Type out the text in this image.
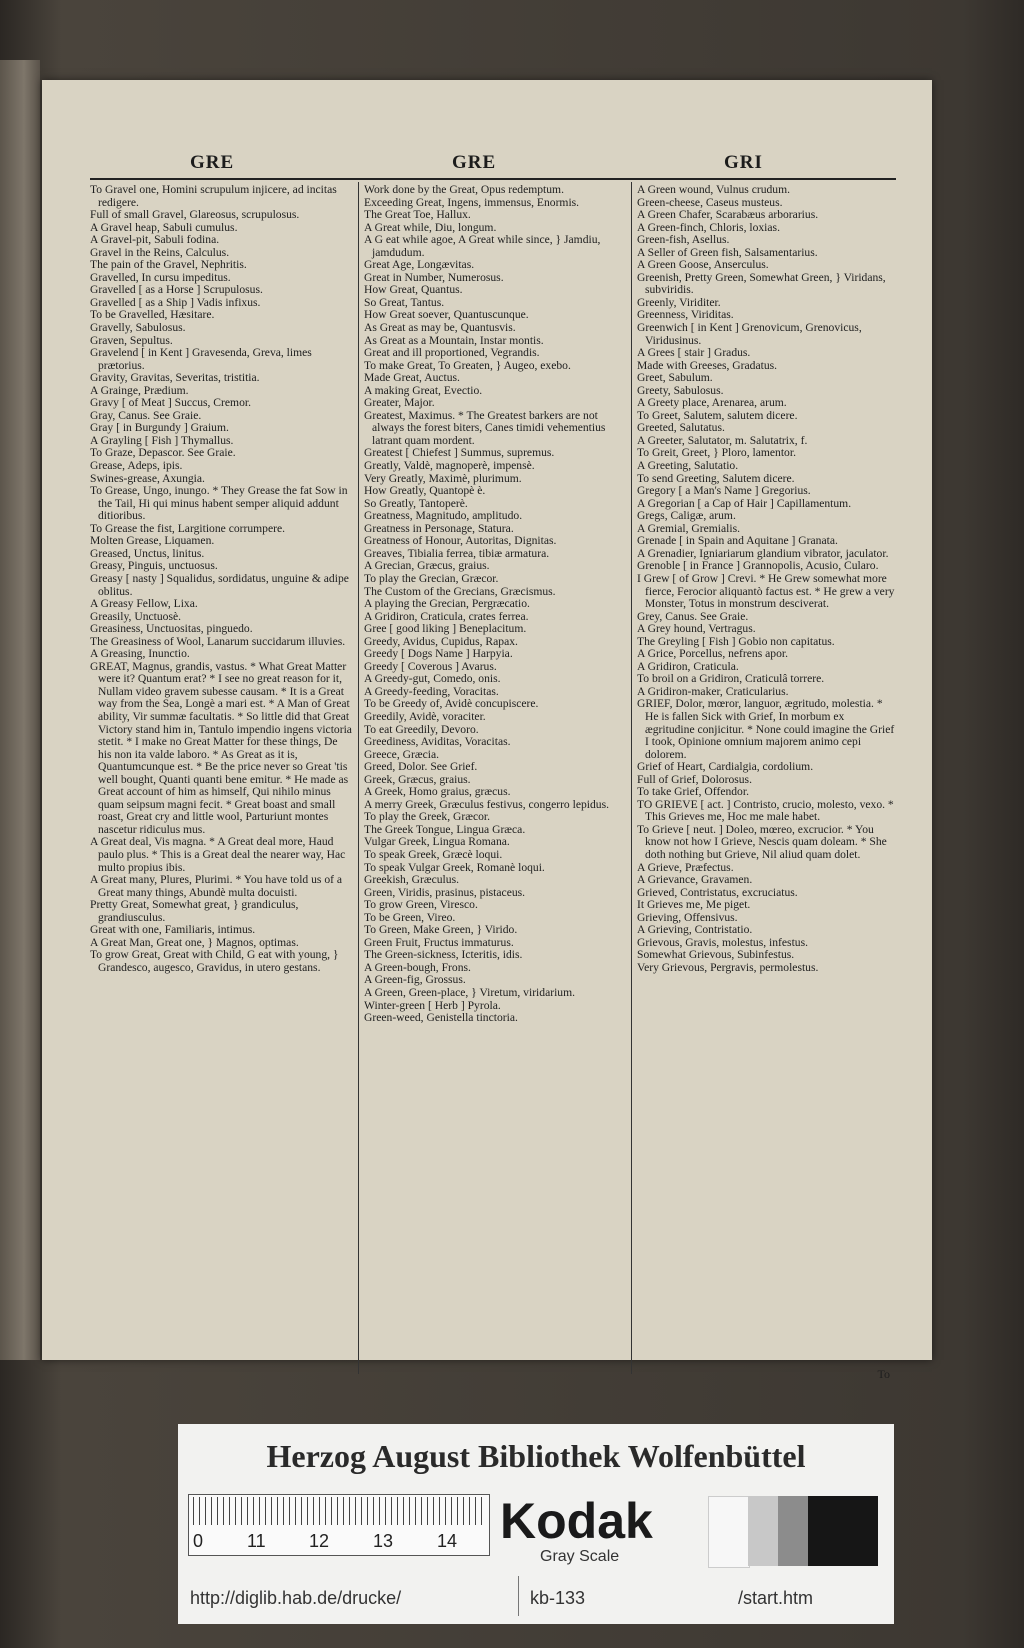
GRE	GRE	GRI

To Gravel one, Homini scrupulum injicere, ad incitas redigere.

Full of small Gravel, Glareosus, scrupulosus.

A Gravel heap, Sabuli cumulus.

A Gravel-pit, Sabuli fodina.

Gravel in the Reins, Calculus.

The pain of the Gravel, Nephritis.

Gravelled, In cursu impeditus.

Gravelled [ as a Horse ] Scrupulosus.

Gravelled [ as a Ship ] Vadis infixus.

To be Gravelled, Hæsitare.

Gravelly, Sabulosus.

Graven, Sepultus.

Gravelend [ in Kent ] Gravesenda, Greva, limes prætorius.

Gravity, Gravitas, Severitas, tristitia.

A Grainge, Prædium.

Gravy [ of Meat ] Succus, Cremor.

Gray, Canus. See Graie.

Gray [ in Burgundy ] Graium.

A Grayling [ Fish ] Thymallus.

To Graze, Depascor. See Graie.

Grease, Adeps, ipis.

Swines-grease, Axungia.

To Grease, Ungo, inungo. * They Grease the fat Sow in the Tail, Hi qui minus habent semper aliquid addunt ditioribus.

To Grease the fist, Largitione corrumpere.

Molten Grease, Liquamen.

Greased, Unctus, linitus.

Greasy, Pinguis, unctuosus.

Greasy [ nasty ] Squalidus, sordidatus, unguine & adipe oblitus.

A Greasy Fellow, Lixa.

Greasily, Unctuosè.

Greasiness, Unctuositas, pinguedo.

The Greasiness of Wool, Lanarum succidarum illuvies.

A Greasing, Inunctio.

GREAT, Magnus, grandis, vastus. * What Great Matter were it? Quantum erat? * I see no great reason for it, Nullam video gravem subesse causam. * It is a Great way from the Sea, Longè a mari est. * A Man of Great ability, Vir summæ facultatis. * So little did that Great Victory stand him in, Tantulo impendio ingens victoria stetit. * I make no Great Matter for these things, De his non ita valde laboro. * As Great as it is, Quantumcunque est. * Be the price never so Great 'tis well bought, Quanti quanti bene emitur. * He made as Great account of him as himself, Qui nihilo minus quam seipsum magni fecit. * Great boast and small roast, Great cry and little wool, Parturiunt montes nascetur ridiculus mus.

A Great deal, Vis magna. * A Great deal more, Haud paulo plus. * This is a Great deal the nearer way, Hac multo propius ibis.

A Great many, Plures, Plurimi. * You have told us of a Great many things, Abundè multa docuisti.

Pretty Great, Somewhat great, } grandiculus, grandiusculus.

Great with one, Familiaris, intimus.

A Great Man, Great one, } Magnos, optimas.

To grow Great, Great with Child, G eat with young, } Grandesco, augesco, Gravidus, in utero gestans.

Work done by the Great, Opus redemptum.

Exceeding Great, Ingens, immensus, Enormis.

The Great Toe, Hallux.

A Great while, Diu, longum.

A G eat while agoe, A Great while since, } Jamdiu, jamdudum.

Great Age, Longævitas.

Great in Number, Numerosus.

How Great, Quantus.

So Great, Tantus.

How Great soever, Quantuscunque.

As Great as may be, Quantusvis.

As Great as a Mountain, Instar montis.

Great and ill proportioned, Vegrandis.

To make Great, To Greaten, } Augeo, exebo.

Made Great, Auctus.

A making Great, Evectio.

Greater, Major.

Greatest, Maximus. * The Greatest barkers are not always the forest biters, Canes timidi vehementius latrant quam mordent.

Greatest [ Chiefest ] Summus, supremus.

Greatly, Valdè, magnoperè, impensè.

Very Greatly, Maximè, plurimum.

How Greatly, Quantopè è.

So Greatly, Tantoperè.

Greatness, Magnitudo, amplitudo.

Greatness in Personage, Statura.

Greatness of Honour, Autoritas, Dignitas.

Greaves, Tibialia ferrea, tibiæ armatura.

A Grecian, Græcus, graius.

To play the Grecian, Græcor.

The Custom of the Grecians, Græcismus.

A playing the Grecian, Pergræcatio.

A Gridiron, Craticula, crates ferrea.

Gree [ good liking ] Beneplacitum.

Greedy, Avidus, Cupidus, Rapax.

Greedy [ Dogs Name ] Harpyia.

Greedy [ Coverous ] Avarus.

A Greedy-gut, Comedo, onis.

A Greedy-feeding, Voracitas.

To be Greedy of, Avidè concupiscere.

Greedily, Avidè, voraciter.

To eat Greedily, Devoro.

Greediness, Aviditas, Voracitas.

Greece, Græcia.

Greed, Dolor. See Grief.

Greek, Græcus, graius.

A Greek, Homo graius, græcus.

A merry Greek, Græculus festivus, congerro lepidus.

To play the Greek, Græcor.

The Greek Tongue, Lingua Græca.

Vulgar Greek, Lingua Romana.

To speak Greek, Græcè loqui.

To speak Vulgar Greek, Romanè loqui.

Greekish, Græculus.

Green, Viridis, prasinus, pistaceus.

To grow Green, Viresco.

To be Green, Vireo.

To Green, Make Green, } Virido.

Green Fruit, Fructus immaturus.

The Green-sickness, Icteritis, idis.

A Green-bough, Frons.

A Green-fig, Grossus.

A Green, Green-place, } Viretum, viridarium.

Winter-green [ Herb ] Pyrola.

Green-weed, Genistella tinctoria.

A Green wound, Vulnus crudum.

Green-cheese, Caseus musteus.

A Green Chafer, Scarabæus arborarius.

A Green-finch, Chloris, loxias.

Green-fish, Asellus.

A Seller of Green fish, Salsamentarius.

A Green Goose, Anserculus.

Greenish, Pretty Green, Somewhat Green, } Viridans, subviridis.

Greenly, Viriditer.

Greenness, Viriditas.

Greenwich [ in Kent ] Grenovicum, Grenovicus, Viridusinus.

A Grees [ stair ] Gradus.

Made with Greeses, Gradatus.

Greet, Sabulum.

Greety, Sabulosus.

A Greety place, Arenarea, arum.

To Greet, Salutem, salutem dicere.

Greeted, Salutatus.

A Greeter, Salutator, m. Salutatrix, f.

To Greit, Greet, } Ploro, lamentor.

A Greeting, Salutatio.

To send Greeting, Salutem dicere.

Gregory [ a Man's Name ] Gregorius.

A Gregorian [ a Cap of Hair ] Capillamentum.

Gregs, Caligæ, arum.

A Gremial, Gremialis.

Grenade [ in Spain and Aquitane ] Granata.

A Grenadier, Igniariarum glandium vibrator, jaculator.

Grenoble [ in France ] Grannopolis, Acusio, Cularo.

I Grew [ of Grow ] Crevi. * He Grew somewhat more fierce, Ferocior aliquantò factus est. * He grew a very Monster, Totus in monstrum desciverat.

Grey, Canus. See Graie.

A Grey hound, Vertragus.

The Greyling [ Fish ] Gobio non capitatus.

A Grice, Porcellus, nefrens apor.

A Gridiron, Craticula.

To broil on a Gridiron, Craticulâ torrere.

A Gridiron-maker, Craticularius.

GRIEF, Dolor, mœror, languor, ægritudo, molestia. * He is fallen Sick with Grief, In morbum ex ægritudine conjicitur. * None could imagine the Grief I took, Opinione omnium majorem animo cepi dolorem.

Grief of Heart, Cardialgia, cordolium.

Full of Grief, Dolorosus.

To take Grief, Offendor.

TO GRIEVE [ act. ] Contristo, crucio, molesto, vexo. * This Grieves me, Hoc me male habet.

To Grieve [ neut. ] Doleo, mœreo, excrucior. * You know not how I Grieve, Nescis quam doleam. * She doth nothing but Grieve, Nil aliud quam dolet.

A Grieve, Præfectus.

A Grievance, Gravamen.

Grieved, Contristatus, excruciatus.

It Grieves me, Me piget.

Grieving, Offensivus.

A Grieving, Contristatio.

Grievous, Gravis, molestus, infestus.

Somewhat Grievous, Subinfestus.

Very Grievous, Pergravis, permolestus.

To
Herzog August Bibliothek Wolfenbüttel
0 11 12 13 14 Kodak
Gray Scale
http://diglib.hab.de/drucke/	kb-133	/start.htm
